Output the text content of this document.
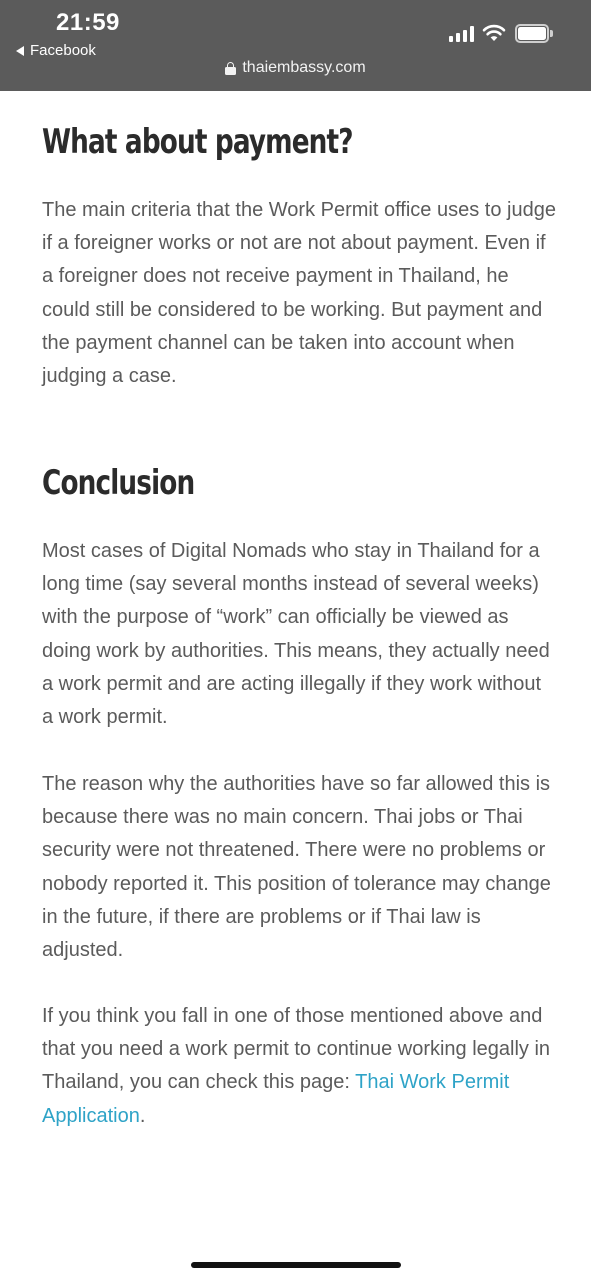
21:59
Facebook
thaiembassy.com
What about payment?

The main criteria that the Work Permit office uses to judge if a foreigner works or not are not about payment. Even if a foreigner does not receive payment in Thailand, he could still be considered to be working. But payment and the payment channel can be taken into account when judging a case.

Conclusion

Most cases of Digital Nomads who stay in Thailand for a long time (say several months instead of several weeks) with the purpose of “work” can officially be viewed as doing work by authorities. This means, they actually need a work permit and are acting illegally if they work without a work permit.

The reason why the authorities have so far allowed this is because there was no main concern. Thai jobs or Thai security were not threatened. There were no problems or nobody reported it. This position of tolerance may change in the future, if there are problems or if Thai law is adjusted.

If you think you fall in one of those mentioned above and that you need a work permit to continue working legally in Thailand, you can check this page: Thai Work Permit Application.
